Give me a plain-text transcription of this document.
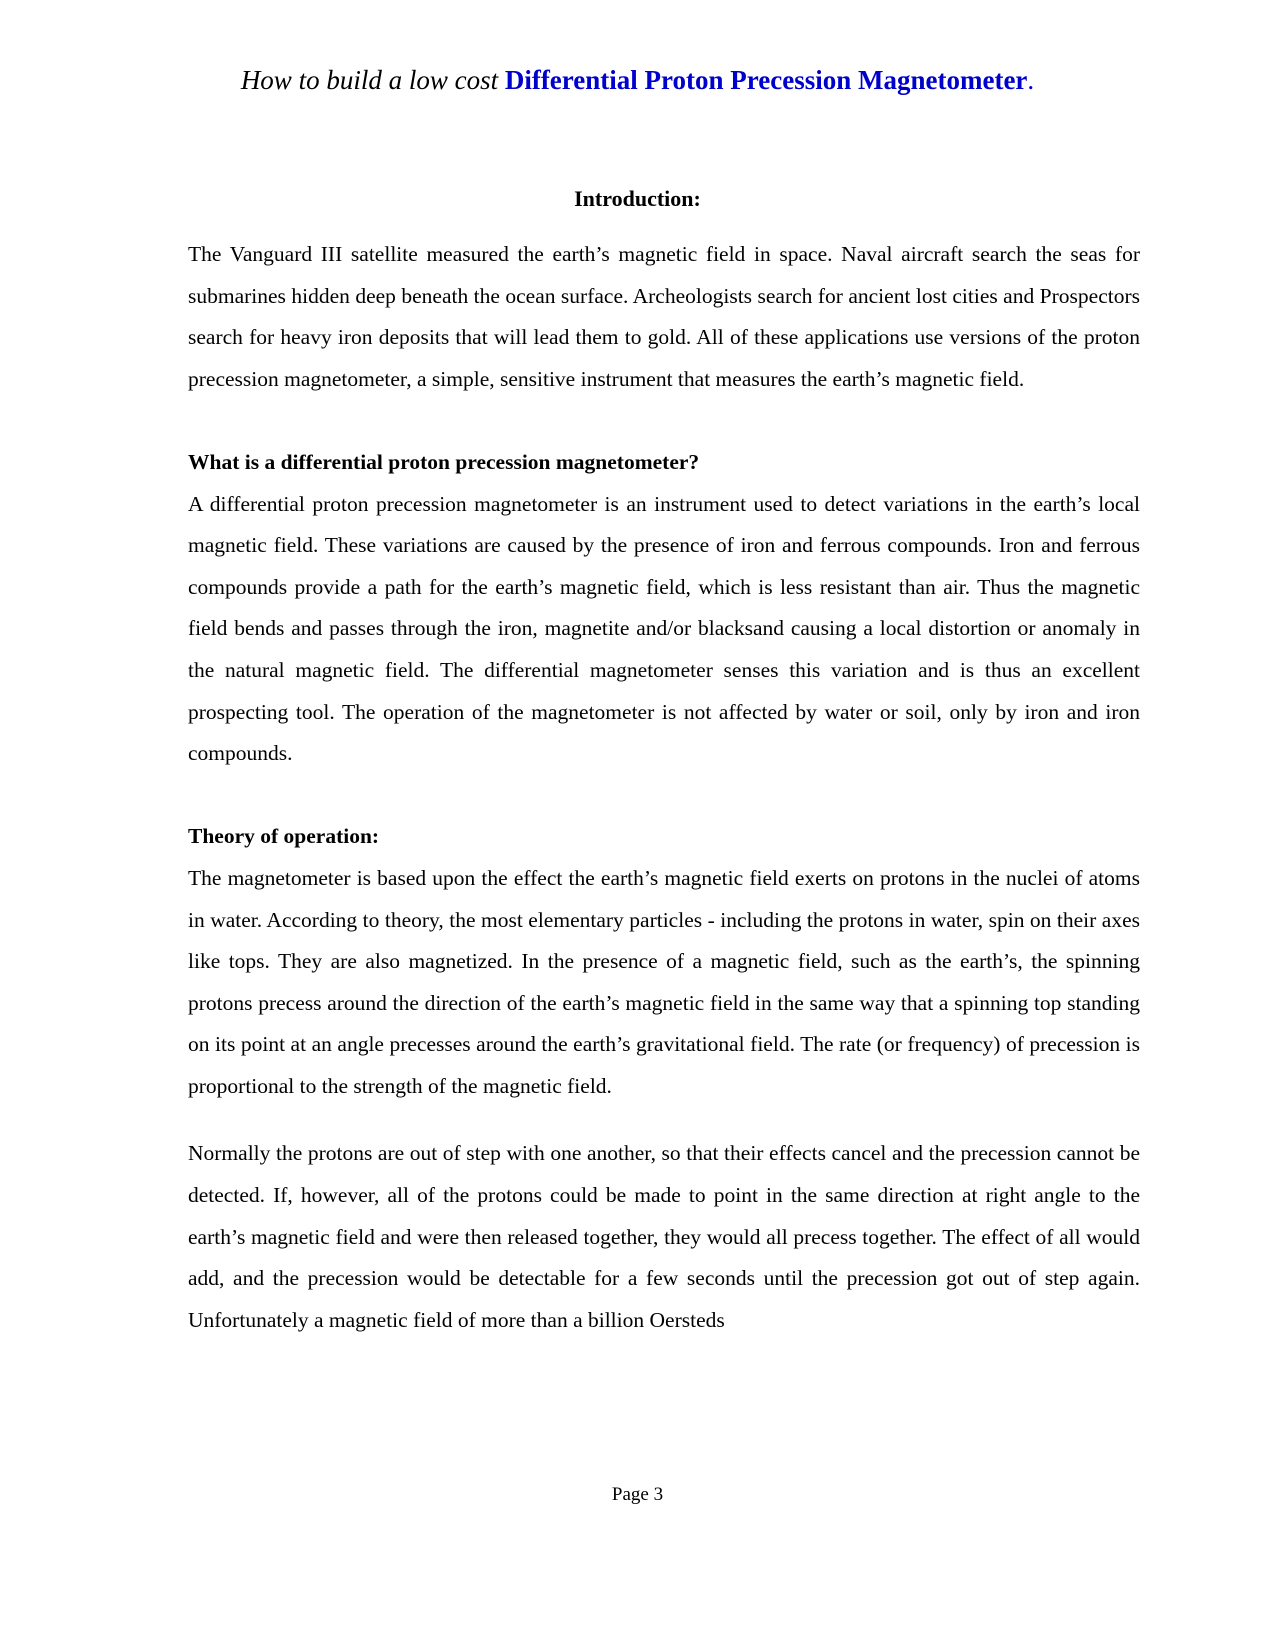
How to build a low cost Differential Proton Precession Magnetometer.
Introduction:

The Vanguard III satellite measured the earth’s magnetic field in space. Naval aircraft search the seas for submarines hidden deep beneath the ocean surface. Archeologists search for ancient lost cities and Prospectors search for heavy iron deposits that will lead them to gold. All of these applications use versions of the proton precession magnetometer, a simple, sensitive instrument that measures the earth’s magnetic field.

What is a differential proton precession magnetometer?

A differential proton precession magnetometer is an instrument used to detect variations in the earth’s local magnetic field. These variations are caused by the presence of iron and ferrous compounds. Iron and ferrous compounds provide a path for the earth’s magnetic field, which is less resistant than air. Thus the magnetic field bends and passes through the iron, magnetite and/or blacksand causing a local distortion or anomaly in the natural magnetic field. The differential magnetometer senses this variation and is thus an excellent prospecting tool. The operation of the magnetometer is not affected by water or soil, only by iron and iron compounds.

Theory of operation:

The magnetometer is based upon the effect the earth’s magnetic field exerts on protons in the nuclei of atoms in water. According to theory, the most elementary particles - including the protons in water, spin on their axes like tops. They are also magnetized. In the presence of a magnetic field, such as the earth’s, the spinning protons precess around the direction of the earth’s magnetic field in the same way that a spinning top standing on its point at an angle precesses around the earth’s gravitational field. The rate (or frequency) of precession is proportional to the strength of the magnetic field.

Normally the protons are out of step with one another, so that their effects cancel and the precession cannot be detected. If, however, all of the protons could be made to point in the same direction at right angle to the earth’s magnetic field and were then released together, they would all precess together. The effect of all would add, and the precession would be detectable for a few seconds until the precession got out of step again. Unfortunately a magnetic field of more than a billion Oersteds

Page 3
